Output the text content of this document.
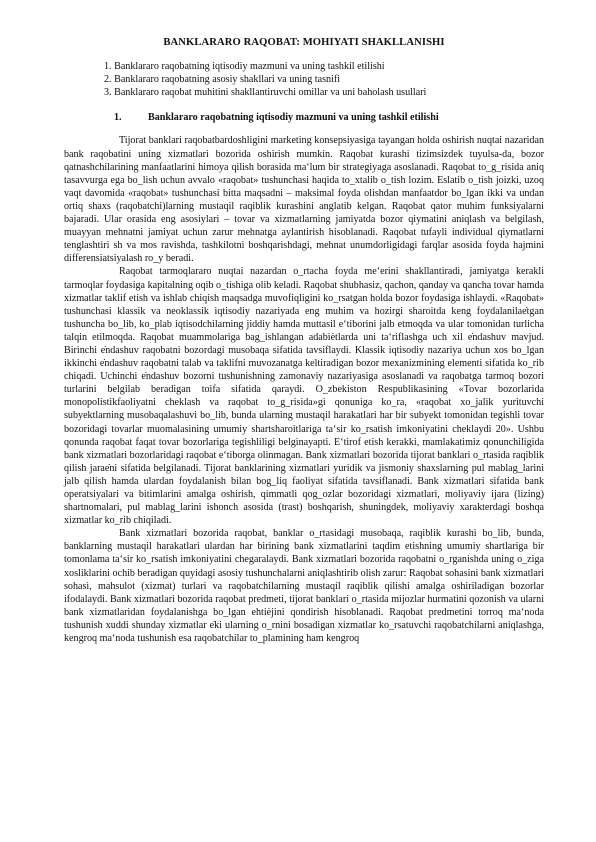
BANKLARARO RAQOBAT: MOHIYATI SHAKLLANISHI
1. Banklararo raqobatning iqtisodiy mazmuni va uning tashkil etilishi
2. Banklararo raqobatning asosiy shakllari va uning tasnifi
3. Banklararo raqobat muhitini shakllantiruvchi omillar va uni baholash usullari
1.	Banklararo raqobatning iqtisodiy mazmuni va uning tashkil etilishi

Tijorat banklari raqobatbardoshligini marketing konsepsiyasiga tayangan holda oshirish nuqtai nazaridan bank raqobatini uning xizmatlari bozorida oshirish mumkin. Raqobat kurashi tizimsizdek tuyulsa-da, bozor qatnashchilarining manfaatlarini himoya qilish borasida ma‘lum bir strategiyaga asoslanadi. Raqobat to_g_risida aniq tasavvurga ega bo_lish uchun avvalo «raqobat» tushunchasi haqida to_xtalib o_tish lozim. Eslatib o_tish joizki, uzoq vaqt davomida «raqobat» tushunchasi bitta maqsadni – maksimal foyda olishdan manfaatdor bo_lgan ikki va undan ortiq shaxs (raqobatchi)larning mustaqil raqiblik kurashini anglatib kelgan. Raqobat qator muhim funksiyalarni bajaradi. Ular orasida eng asosiylari – tovar va xizmatlarning jamiyatda bozor qiymatini aniqlash va belgilash, muayyan mehnatni jamiyat uchun zarur mehnatga aylantirish hisoblanadi. Raqobat tufayli individual qiymatlarni tenglashtiri sh va mos ravishda, tashkilotni boshqarishdagi, mehnat unumdorligidagi farqlar asosida foyda hajmini differensiatsiyalash ro_y beradi.

Raqobat tarmoqlararo nuqtai nazardan o_rtacha foyda me‘erini shakllantiradi, jamiyatga kerakli tarmoqlar foydasiga kapitalning oqib o_tishiga olib keladi. Raqobat shubhasiz, qachon, qanday va qancha tovar hamda xizmatlar taklif etish va ishlab chiqish maqsadga muvofiqligini ko_rsatgan holda bozor foydasiga ishlaydi. «Raqobat» tushunchasi klassik va neoklassik iqtisodiy nazariyada eng muhim va hozirgi sharoitda keng foydalanilaе̇tgan tushuncha bo_lib, ko_plab iqtisodchilarning jiddiy hamda muttasil e‘tiborini jalb etmoqda va ular tomonidan turlicha talqin etilmoqda. Raqobat muammolariga bag_ishlangan adabiėtlarda uni ta‘riflashga uch xil е̇ndashuv mavjud. Birinchi е̇ndashuv raqobatni bozordagi musobaqa sifatida tavsiflaydi. Klassik iqtisodiy nazariya uchun xos bo_lgan ikkinchi е̇ndashuv raqobatni talab va taklifni muvozanatga keltiradigan bozor mexanizmining elementi sifatida ko_rib chiqadi. Uchinchi е̇ndashuv bozorni tushunishning zamonaviy nazariyasiga asoslanadi va raqobatga tarmoq bozori turlarini belgilab beradigan toifa sifatida qaraydi. O_zbekiston Respublikasining «Tovar bozorlarida monopolistikfaoliyatni cheklash va raqobat to_g_risida»gi qonuniga ko_ra, «raqobat xo_jalik yurituvchi subyektlarning musobaqalashuvi bo_lib, bunda ularning mustaqil harakatlari har bir subyekt tomonidan tegishli tovar bozoridagi tovarlar muomalasining umumiy shartsharoitlariga ta‘sir ko_rsatish imkoniyatini cheklaydi 20». Ushbu qonunda raqobat faqat tovar bozorlariga tegishliligi belginayapti. E‘tirof etish kerakki, mamlakatimiz qonunchiligida bank xizmatlari bozorlaridagi raqobat e‘tiborga olinmagan. Bank xizmatlari bozorida tijorat banklari o_rtasida raqiblik qilish jaraе̇ni sifatida belgilanadi. Tijorat banklarining xizmatlari yuridik va jismoniy shaxslarning pul mablag_larini jalb qilish hamda ulardan foydalanish bilan bog_liq faoliyat sifatida tavsiflanadi. Bank xizmatlari sifatida bank operatsiyalari va bitimlarini amalga oshirish, qimmatli qog_ozlar bozoridagi xizmatlari, moliyaviy ijara (lizing) shartnomalari, pul mablag_larini ishonch asosida (trast) boshqarish, shuningdek, moliyaviy xarakterdagi boshqa xizmatlar ko_rib chiqiladi.

Bank xizmatlari bozorida raqobat, banklar o_rtasidagi musobaqa, raqiblik kurashi bo_lib, bunda, banklarning mustaqil harakatlari ulardan har birining bank xizmatlarini taqdim etishning umumiy shartlariga bir tomonlama ta‘sir ko_rsatish imkoniyatini chegaralaydi. Bank xizmatlari bozorida raqobatni o_rganishda uning o_ziga xosliklarini ochib beradigan quyidagi asosiy tushunchalarni aniqlashtirib olish zarur: Raqobat sohasini bank xizmatlari sohasi, mahsulot (xizmat) turlari va raqobatchilarning mustaqil raqiblik qilishi amalga oshiriladigan bozorlar ifodalaydi. Bank xizmatlari bozorida raqobat predmeti, tijorat banklari o_rtasida mijozlar hurmatini qozonish va ularni bank xizmatlaridan foydalanishga bo_lgan ehtiėjini qondirish hisoblanadi. Raqobat predmetini torroq ma‘noda tushunish xuddi shunday xizmatlar е̇ki ularning o_rnini bosadigan xizmatlar ko_rsatuvchi raqobatchilarni aniqlashga, kengroq ma‘noda tushunish esa raqobatchilar to_plamining ham kengroq
